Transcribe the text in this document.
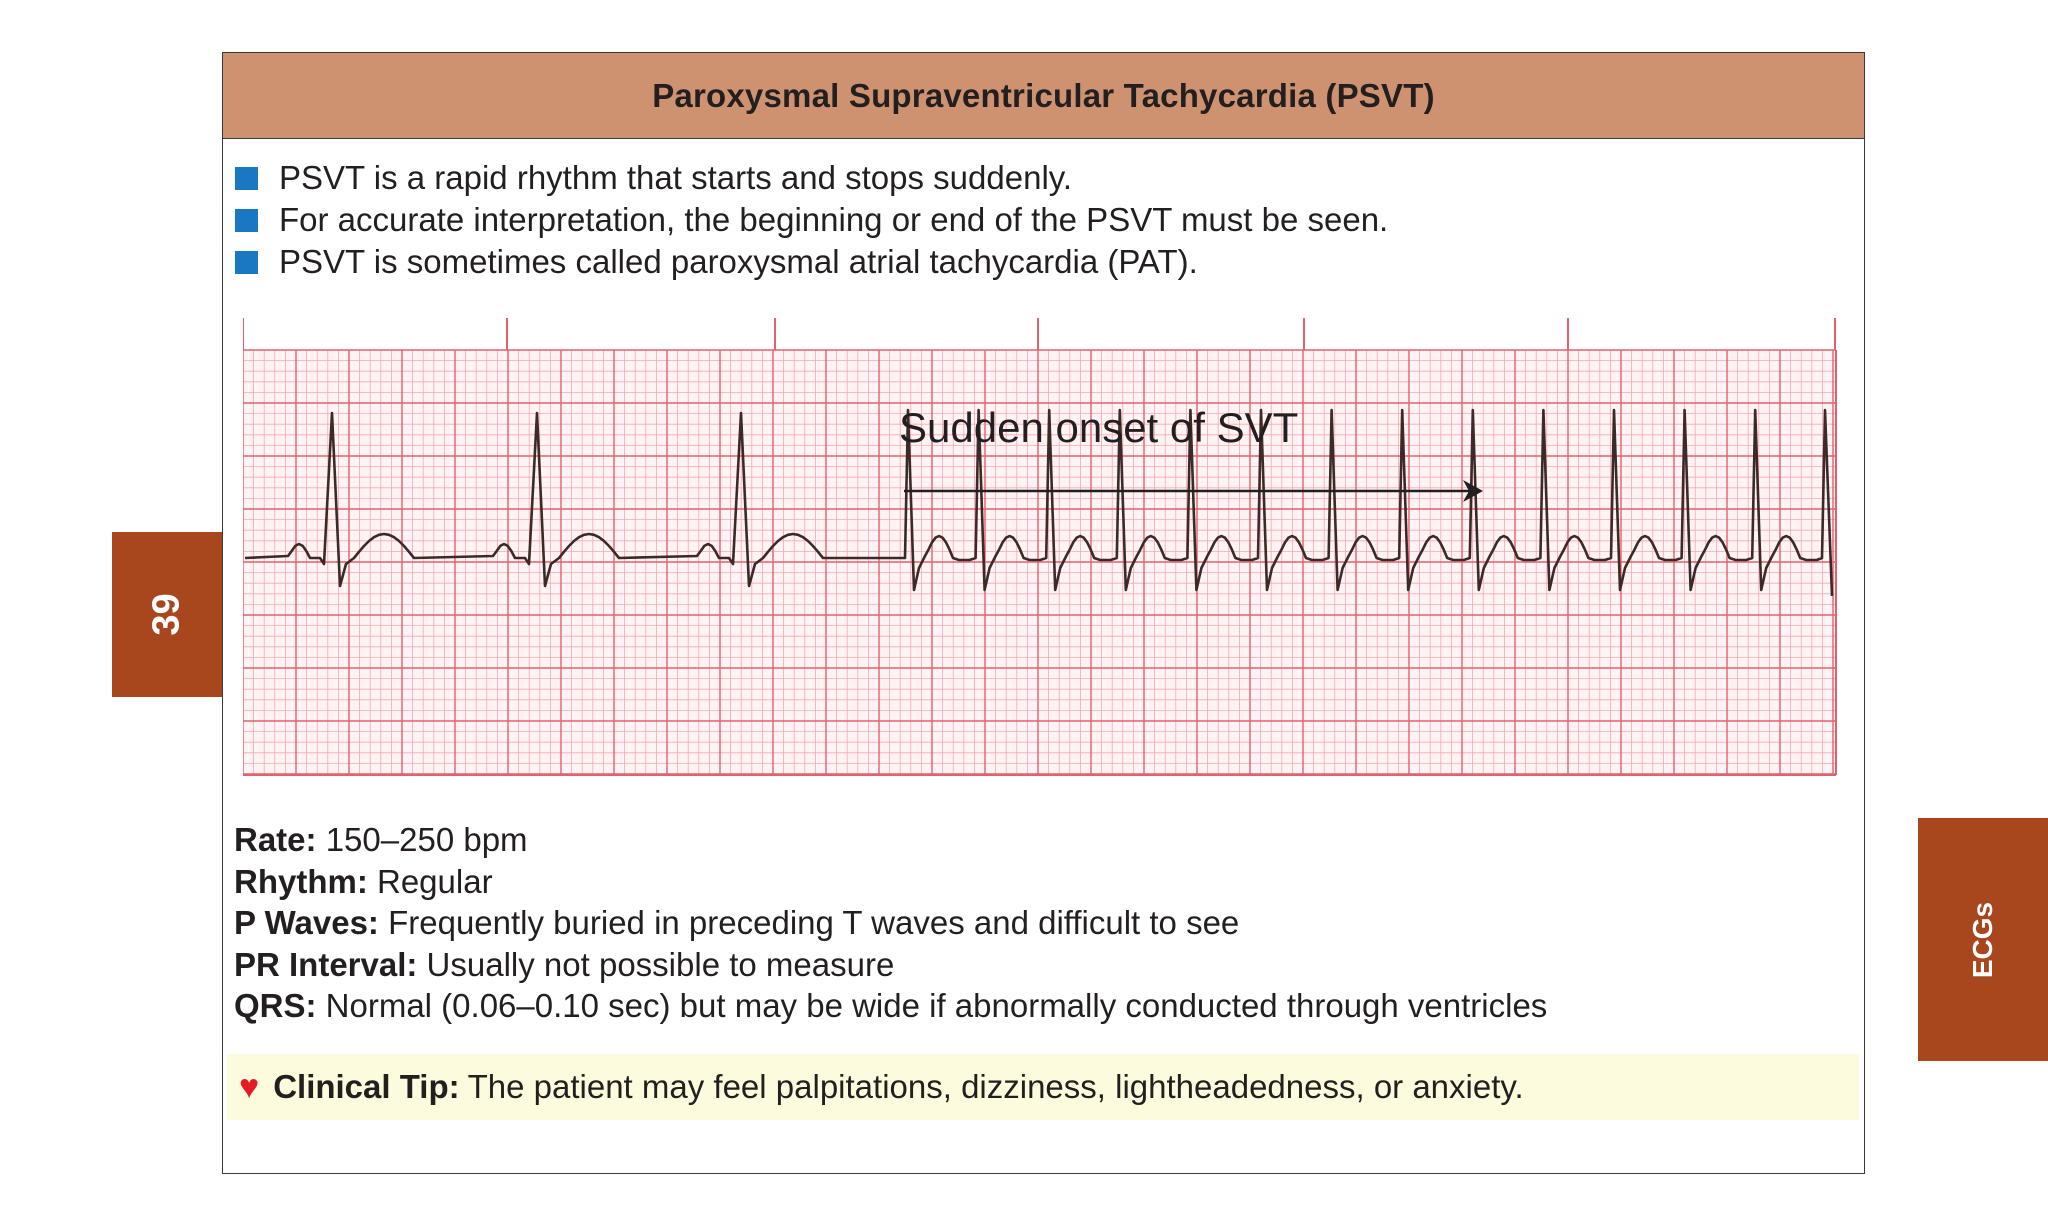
39
ECGs
Paroxysmal Supraventricular Tachycardia (PSVT)
PSVT is a rapid rhythm that starts and stops suddenly.
For accurate interpretation, the beginning or end of the PSVT must be seen.
PSVT is sometimes called paroxysmal atrial tachycardia (PAT).
Sudden onset of SVT
Rate: 150–250 bpm
Rhythm: Regular
P Waves: Frequently buried in preceding T waves and difficult to see
PR Interval: Usually not possible to measure
QRS: Normal (0.06–0.10 sec) but may be wide if abnormally conducted through ventricles
♥ Clinical Tip: The patient may feel palpitations, dizziness, lightheadedness, or anxiety.
